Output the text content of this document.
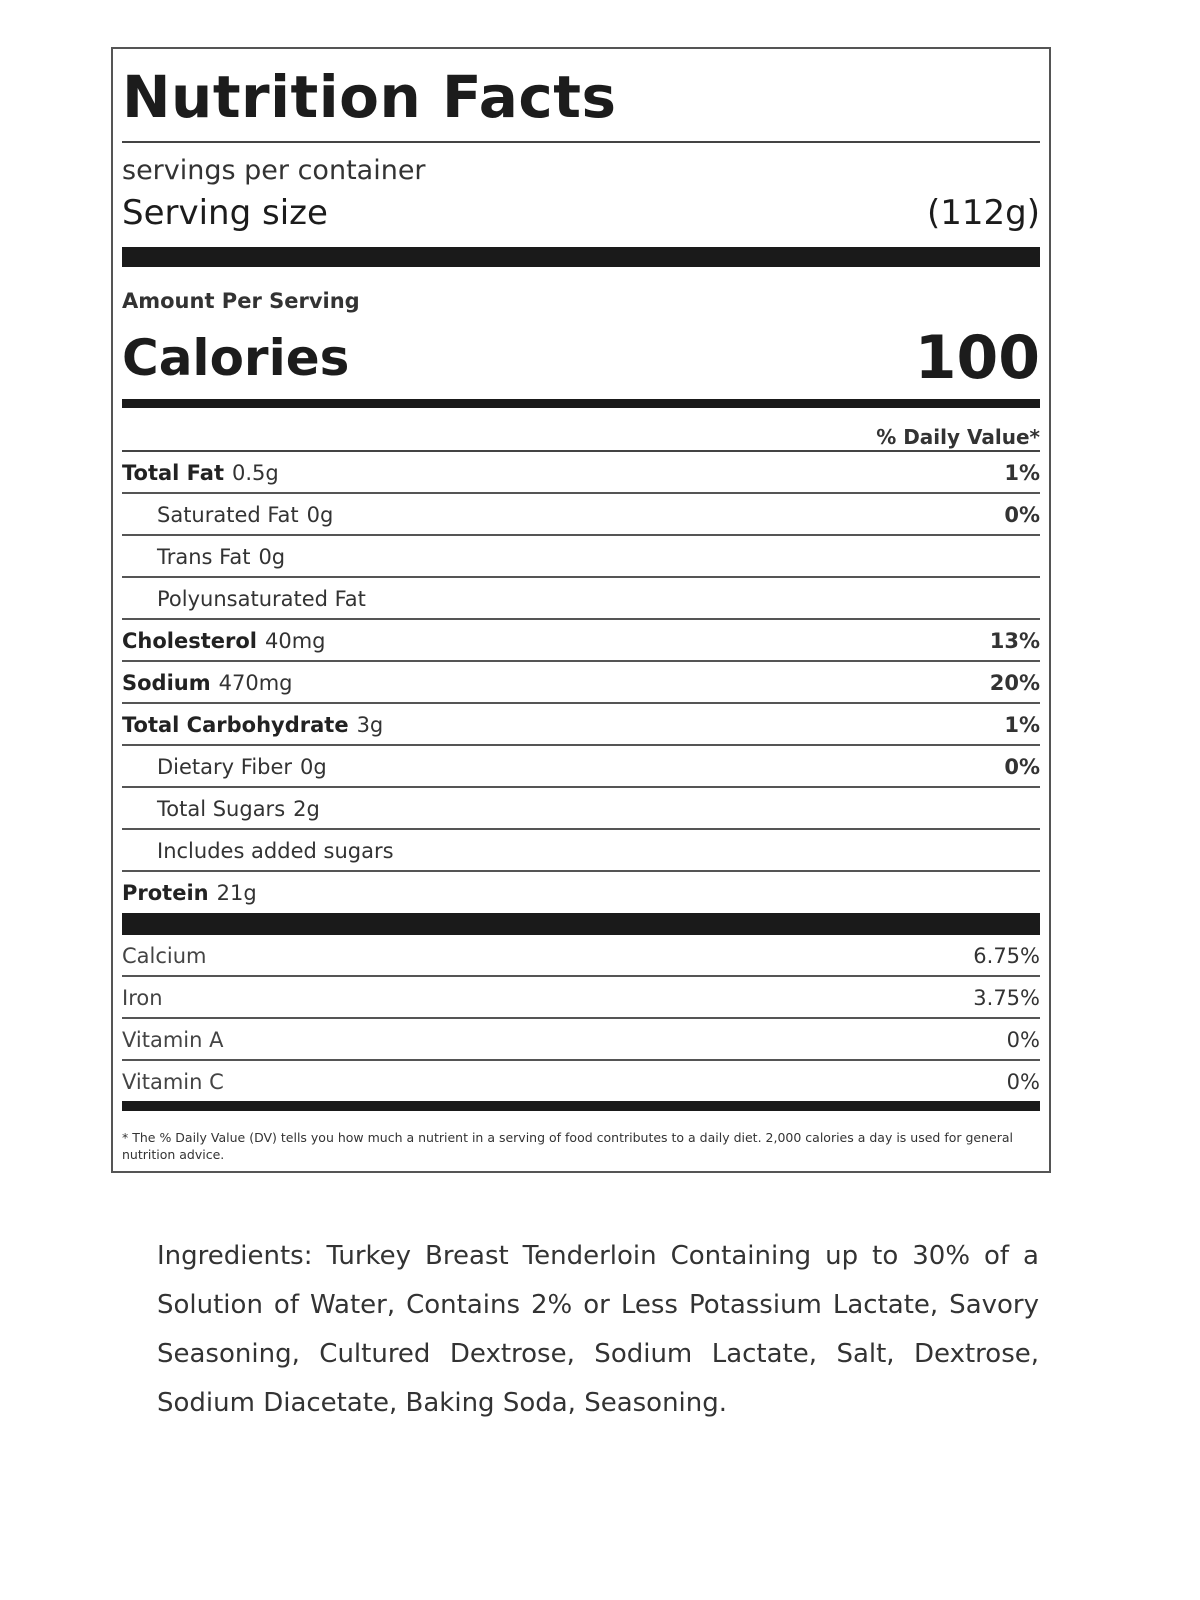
Nutrition Facts
servings per container
Serving size	(112g)
Amount Per Serving
Calories	100
% Daily Value*
Total Fat 0.5g	1%
Saturated Fat 0g	0%
Trans Fat 0g
Polyunsaturated Fat
Cholesterol 40mg	13%
Sodium 470mg	20%
Total Carbohydrate 3g	1%
Dietary Fiber 0g	0%
Total Sugars 2g
Includes added sugars
Protein 21g
Calcium	6.75%
Iron	3.75%
Vitamin A	0%
Vitamin C	0%
* The % Daily Value (DV) tells you how much a nutrient in a serving of food contributes to a daily diet. 2,000 calories a day is used for general nutrition advice.
Ingredients: Turkey Breast Tenderloin Containing up to 30% of a Solution of Water, Contains 2% or Less Potassium Lactate, Savory Seasoning, Cultured Dextrose, Sodium Lactate, Salt, Dextrose, Sodium Diacetate, Baking Soda, Seasoning.
